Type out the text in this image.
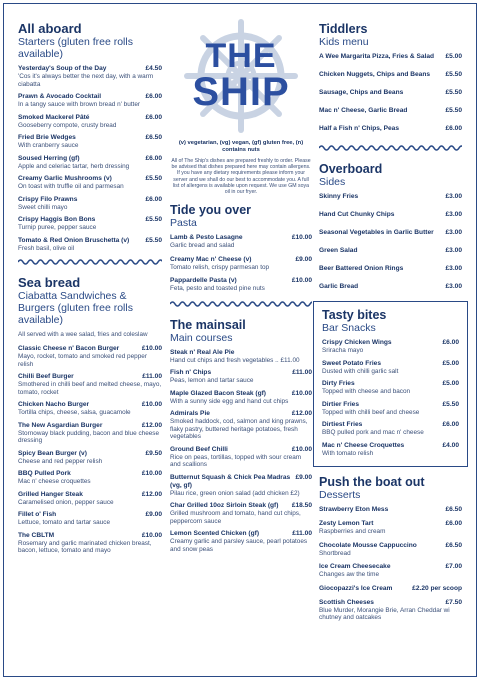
All aboard
Starters (gluten free rolls available)
Yesterday's Soup of the Day	£4.50
'Cos it's always better the next day, with a warm ciabatta
Prawn & Avocado Cocktail	£6.00
In a tangy sauce with brown bread n' butter
Smoked Mackerel Pâté	£6.00
Gooseberry compote, crusty bread
Fried Brie Wedges	£6.50
With cranberry sauce
Soused Herring (gf)	£6.00
Apple and celeriac tartar, herb dressing
Creamy Garlic Mushrooms (v)	£5.50
On toast with truffle oil and parmesan
Crispy Filo Prawns	£6.00
Sweet chilli mayo
Crispy Haggis Bon Bons	£5.50
Turnip puree, pepper sauce
Tomato & Red Onion Bruschetta (v) £5.50
Fresh basil, olive oil
Sea bread
Ciabatta Sandwiches & Burgers (gluten free rolls available)
All served with a wee salad, fries and coleslaw
Classic Cheese n' Bacon Burger	£10.00
Mayo, rocket, tomato and smoked red pepper relish
Chilli Beef Burger	£11.00
Smothered in chilli beef and melted cheese, mayo, tomato, rocket
Chicken Nacho Burger	£10.00
Tortilla chips, cheese, salsa, guacamole
The New Asgardian Burger	£12.00
Stornoway black pudding, bacon and blue cheese dressing
Spicy Bean Burger (v)	£9.50
Cheese and red pepper relish
BBQ Pulled Pork	£10.00
Mac n' cheese croquettes
Grilled Hanger Steak	£12.00
Caramelised onion, pepper sauce
Fillet o' Fish	£9.00
Lettuce, tomato and tartar sauce
The CBLTM	£10.00
Rosemary and garlic marinated chicken breast, bacon, lettuce, tomato and mayo
THE
SHIP
(v) vegetarian, (vg) vegan, (gf) gluten free, (n) contains nuts
All of The Ship's dishes are prepared freshly to order. Please be advised that dishes prepared here may contain allergens. If you have any dietary requirements please inform your server and we shall do our best to accommodate you. A full list of allergens is available upon request. We use GM soya oil in our fryer.
Tide you over
Pasta
Lamb & Pesto Lasagne	£10.00
Garlic bread and salad
Creamy Mac n' Cheese (v)	£9.00
Tomato relish, crispy parmesan top
Pappardelle Pasta (v)	£10.00
Feta, pesto and toasted pine nuts
The mainsail
Main courses
Steak n' Real Ale Pie
Hand cut chips and fresh vegetables .. £11.00
Fish n' Chips	£11.00
Peas, lemon and tartar sauce
Maple Glazed Bacon Steak (gf)	£10.00
With a sunny side egg and hand cut chips
Admirals Pie	£12.00
Smoked haddock, cod, salmon and king prawns, flaky pastry, buttered heritage potatoes, fresh vegetables
Ground Beef Chilli	£10.00
Rice on peas, tortillas, topped with sour cream and scallions
Butternut Squash & Chick Pea Madras (vg, gf)
£9.00
Pilau rice, green onion salad (add chicken £2)
Char Grilled 10oz Sirloin Steak (gf) £18.50
Grilled mushroom and tomato, hand cut chips, peppercorn sauce
Lemon Scented Chicken (gf)	£11.00
Creamy garlic and parsley sauce, pearl potatoes and snow peas
Tiddlers
Kids menu
A Wee Margarita Pizza, Fries & Salad £5.00
Chicken Nuggets, Chips and Beans £5.50
Sausage, Chips and Beans	£5.50
Mac n' Cheese, Garlic Bread	£5.50
Half a Fish n' Chips, Peas	£6.00
Overboard
Sides
Skinny Fries	£3.00
Hand Cut Chunky Chips	£3.00
Seasonal Vegetables in Garlic Butter £3.00
Green Salad	£3.00
Beer Battered Onion Rings	£3.00
Garlic Bread	£3.00
Tasty bites
Bar Snacks
Crispy Chicken Wings	£6.00
Sriracha mayo
Sweet Potato Fries	£5.00
Dusted with chilli garlic salt
Dirty Fries	£5.00
Topped with cheese and bacon
Dirtier Fries	£5.50
Topped with chilli beef and cheese
Dirtiest Fries	£6.00
BBQ pulled pork and mac n' cheese
Mac n' Cheese Croquettes	£4.00
With tomato relish
Push the boat out
Desserts
Strawberry Eton Mess	£6.50
Zesty Lemon Tart	£6.00
Raspberries and cream
Chocolate Mousse Cappuccino	£6.50
Shortbread
Ice Cream Cheesecake	£7.00
Changes aw the time
Giocopazzi's Ice Cream	£2.20 per scoop
Scottish Cheeses	£7.50
Blue Murder, Morangie Brie, Arran Cheddar wi chutney and oatcakes
